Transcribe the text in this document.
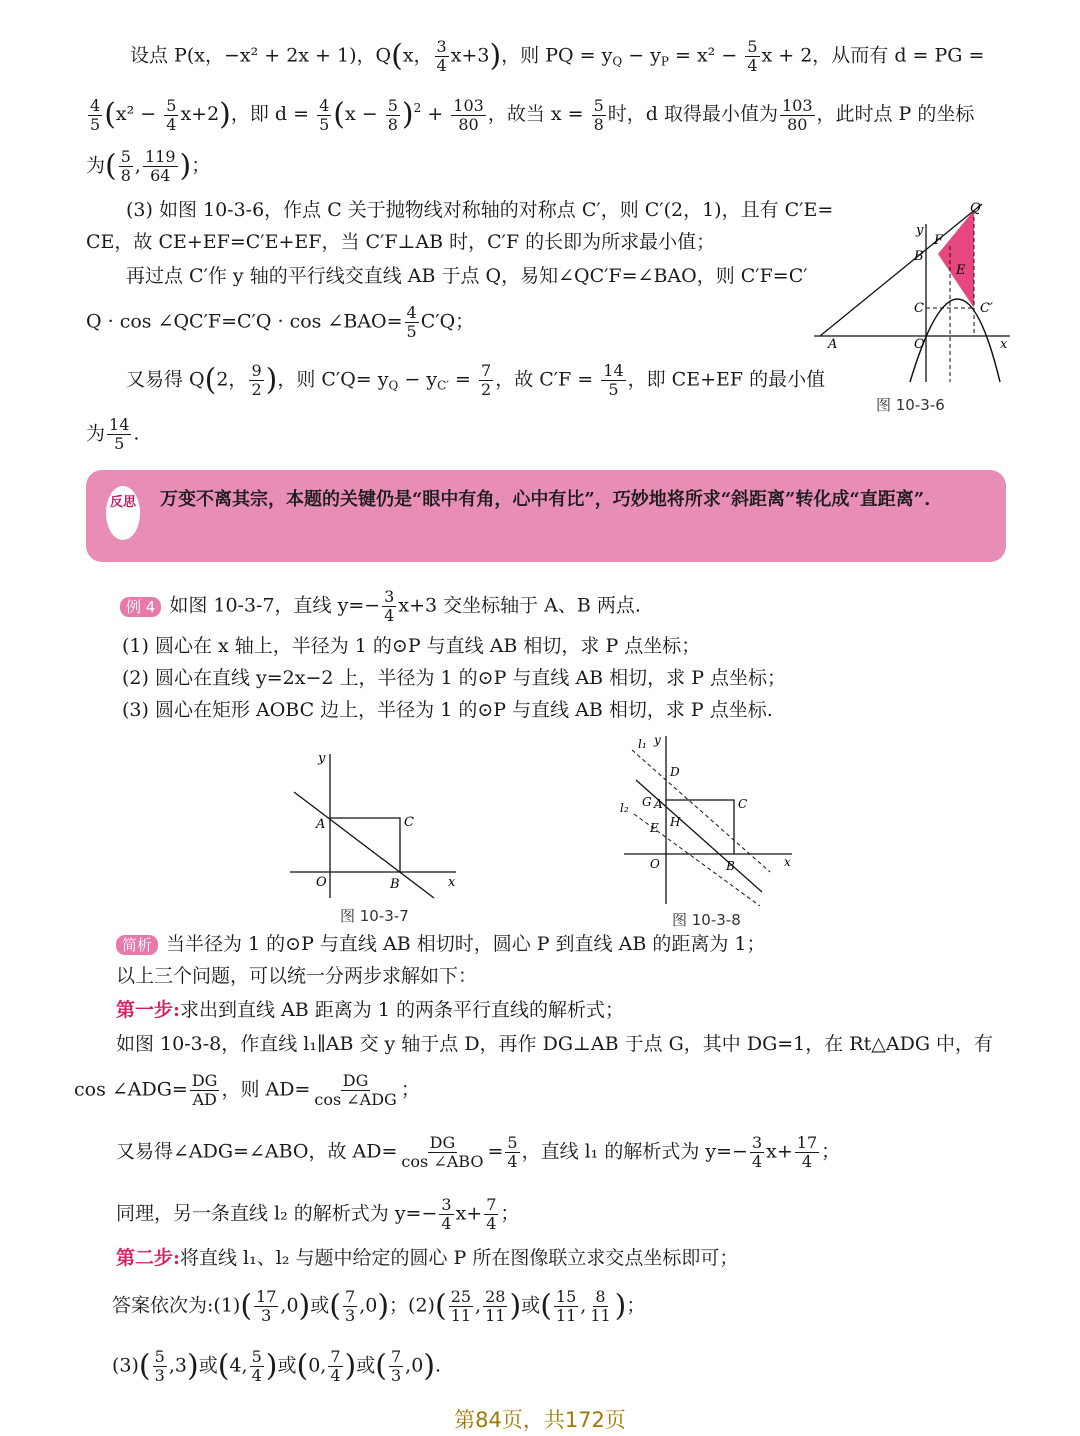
设点 P(x，−x² + 2x + 1)，Q(x， $\frac{3}{4} x+3$)，则 PQ = $y_Q - y_P = x^2 - \frac{5}{4}$ x + 2，从而有 d = PG =
$\frac{4}{5} (x^2 - \frac{5}{4} x+2)$，即 $d = \frac{4}{5} (x - \frac{5}{8} )^2 + \frac{103}{80}$ ，故当 $x = \frac{5}{8}$ 时，d 取得最小值为 $\frac{103}{80}$ ，此时点 P 的坐标
为( $\frac{5}{8}$ , $\frac{119}{64}$ )；
(3) 如图 10-3-6，作点 C 关于抛物线对称轴的对称点 C′，则 C′(2，1)，且有 C′E=
CE，故 CE+EF=C′E+EF，当 C′F⊥AB 时，C′F 的长即为所求最小值；
再过点 C′作 y 轴的平行线交直线 AB 于点 Q，易知∠QC′F=∠BAO，则 C′F=C′
Q · cos ∠QC′F=C′Q · cos ∠BAO= $\frac{4}{5} C'Q$；
又易得 Q(2， $\frac{9}{2}$ )，则 $C'Q= y_Q - y_{C'} = \frac{7}{2}$ ，故 $C'F = \frac{14}{5}$ ，即 CE+EF 的最小值
为 $\frac{14}{5}$ .
A
B
F
E
C	C′
Q
O	x
y
图 10-3-6
反思 万变不离其宗，本题的关键仍是“眼中有角，心中有比”，巧妙地将所求“斜距离”转化成“直距离”.
例 4 如图 10-3-7，直线 $y=- \frac{3}{4} x+3$ 交坐标轴于 A、B 两点.
(1) 圆心在 x 轴上，半径为 1 的⊙P 与直线 AB 相切，求 P 点坐标；
(2) 圆心在直线 y=2x−2 上，半径为 1 的⊙P 与直线 AB 相切，求 P 点坐标；
(3) 圆心在矩形 AOBC 边上，半径为 1 的⊙P 与直线 AB 相切，求 P 点坐标.
A	C
O	B	x
y
图 10-3-7
l₁
l₂
D
G A
E H
C
O	B	x
y
图 10-3-8
简析 当半径为 1 的⊙P 与直线 AB 相切时，圆心 P 到直线 AB 的距离为 1；
以上三个问题，可以统一分两步求解如下：
第一步:求出到直线 AB 距离为 1 的两条平行直线的解析式；
如图 10-3-8，作直线 l₁∥AB 交 y 轴于点 D，再作 DG⊥AB 于点 G，其中 DG=1，在 Rt△ADG 中，有
cos ∠ADG= $\frac{DG}{AD}$ ，则 AD= DG
cos ∠ADG ；
又易得∠ADG=∠ABO，故 AD= DG
cos ∠ABO = $\frac{5}{4}$ ，直线 l₁ 的解析式为 $y=- \frac{3}{4} x+ \frac{17}{4}$ ；
同理，另一条直线 l₂ 的解析式为 $y=- \frac{3}{4} x+ \frac{7}{4}$ ；
第二步:将直线 l₁、l₂ 与题中给定的圆心 P 所在图像联立求交点坐标即可；
答案依次为:(1)( $\frac{17}{3} ,0$)或( $\frac{7}{3} ,0$)；$(2)( \frac{25}{11}$ , $\frac{28}{11}$ )或( $\frac{15}{11}$ , $\frac{8}{11}$ )；
$(3)( \frac{5}{3} ,3)$或(4, $\frac{5}{4}$ )或(0, $\frac{7}{4}$ )或( $\frac{7}{3} ,0$).
第84页，共172页
